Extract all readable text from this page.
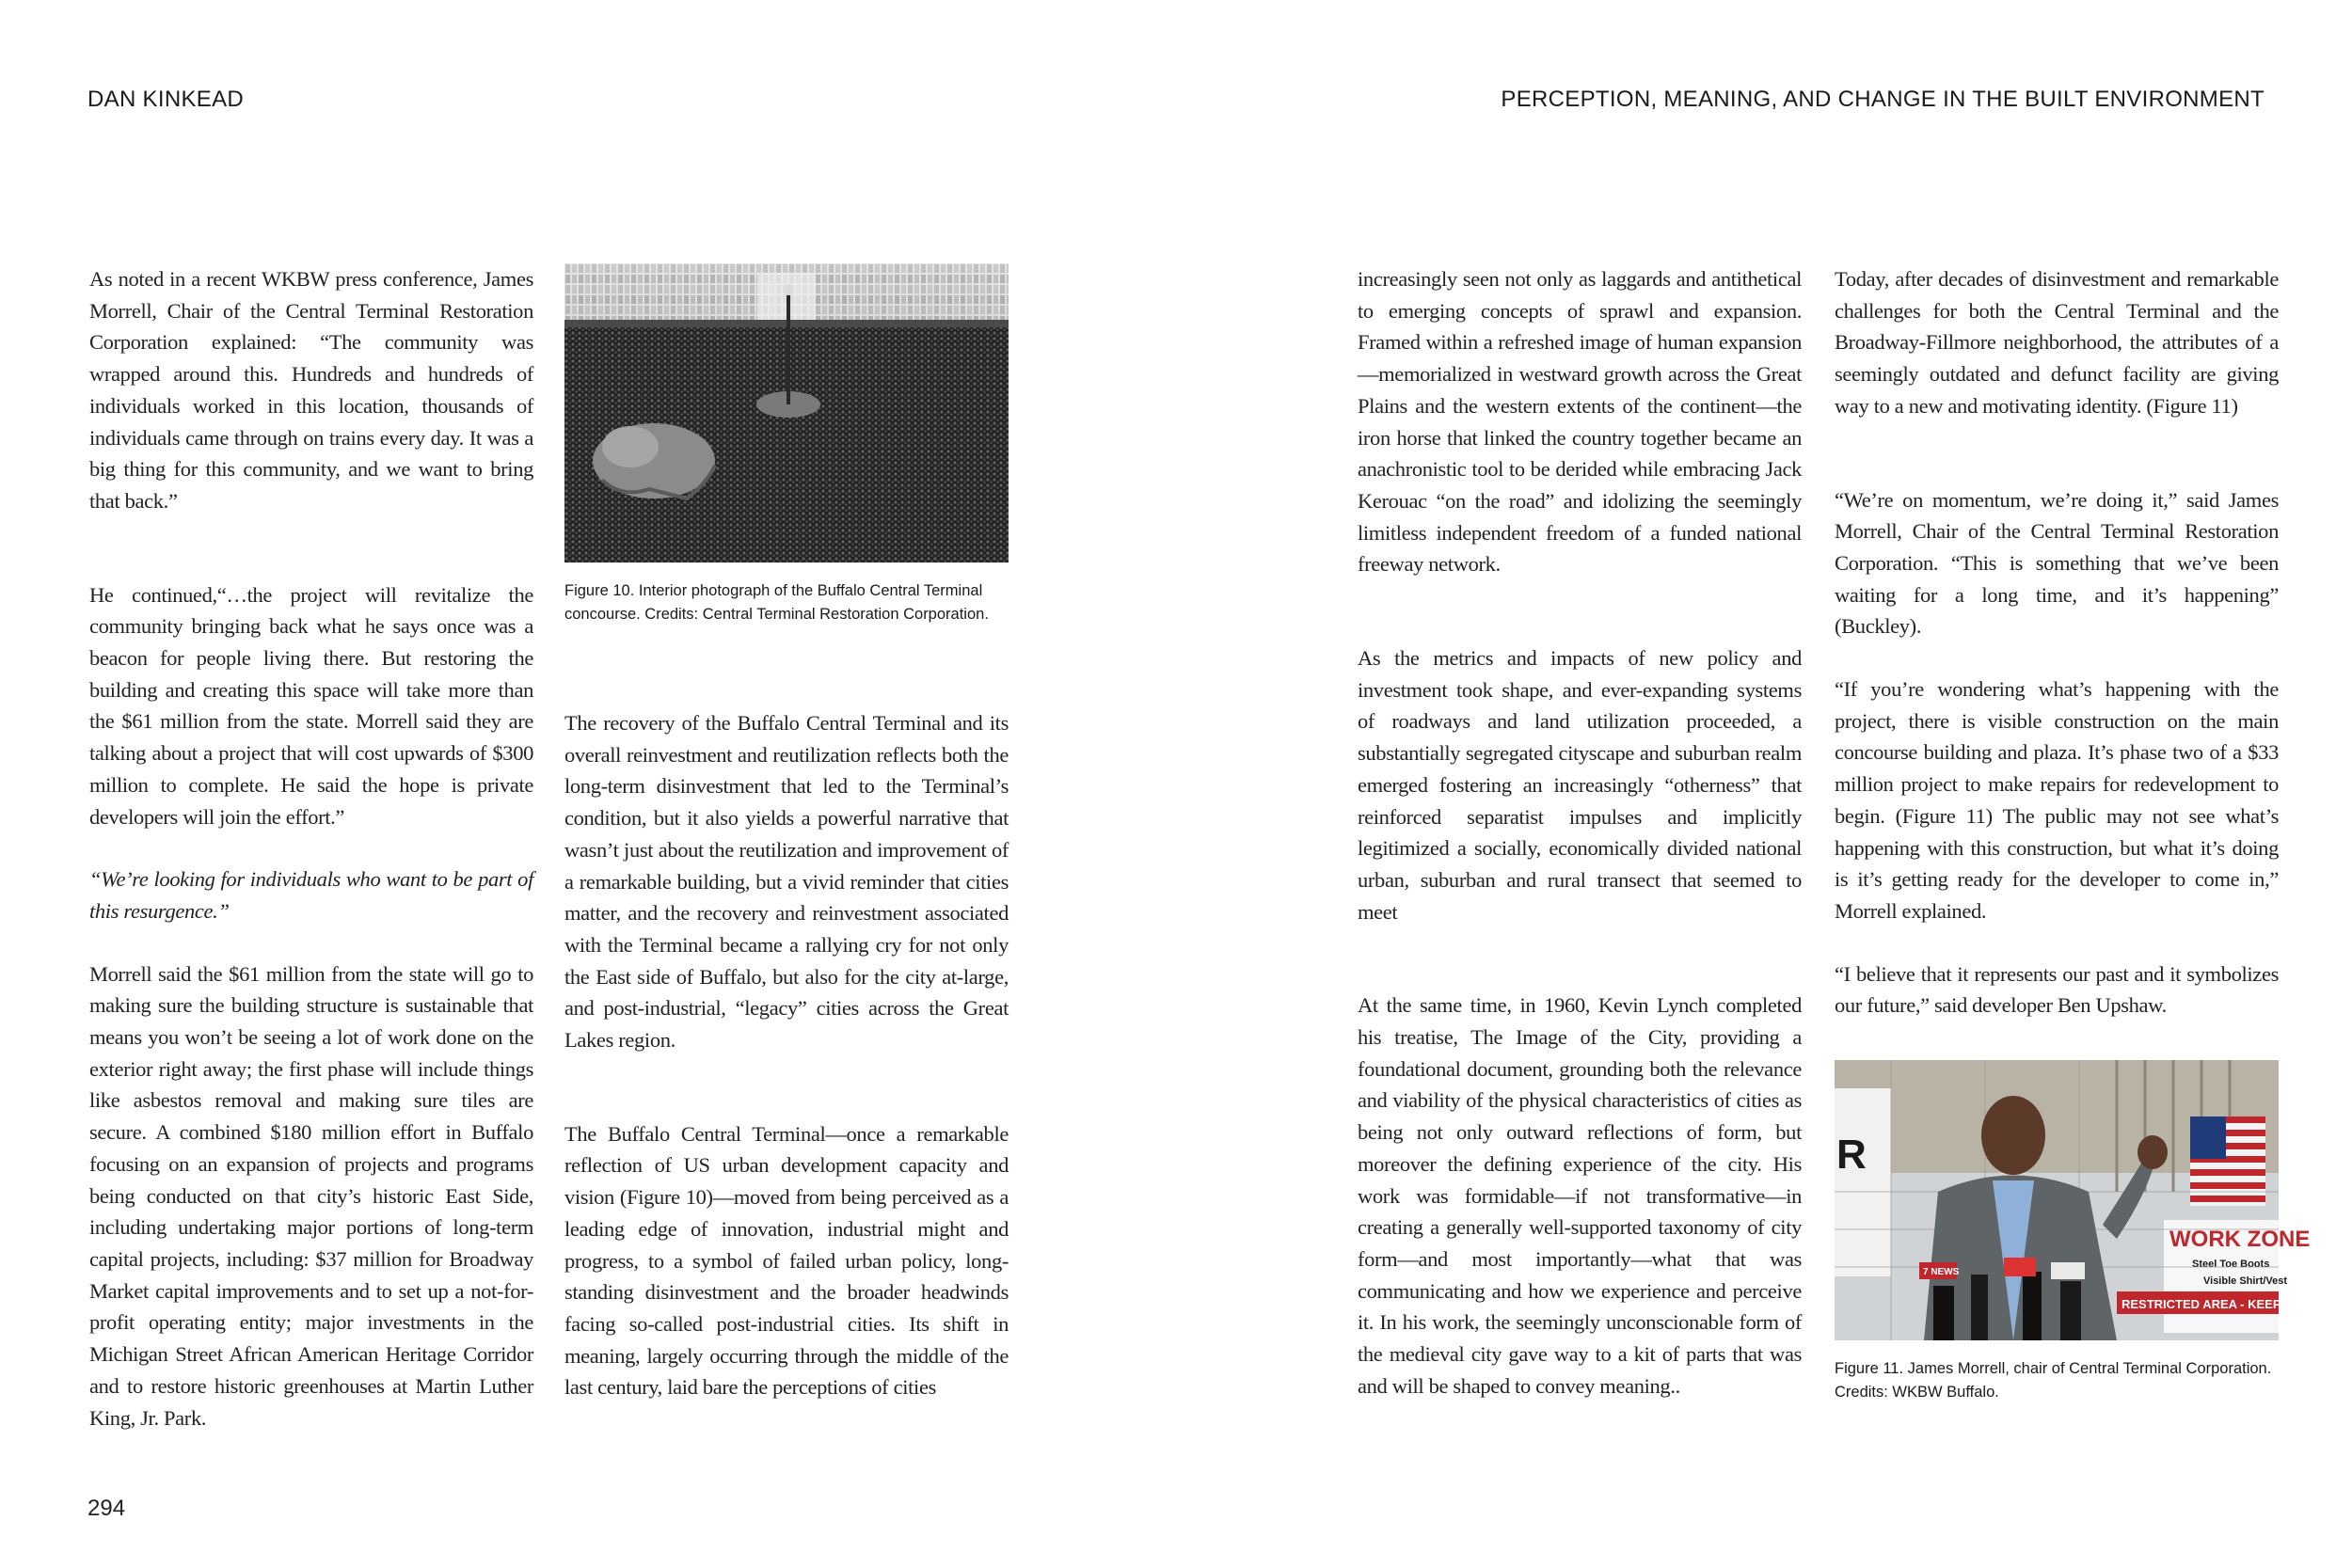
DAN KINKEAD	PERCEPTION, MEANING, AND CHANGE IN THE BUILT ENVIRONMENT

As noted in a recent WKBW press conference, James Morrell, Chair of the Central Terminal Restoration Corporation explained: “The community was wrapped around this. Hundreds and hundreds of individuals worked in this location, thousands of individuals came through on trains every day. It was a big thing for this community, and we want to bring that back.”

He continued,“…the project will revitalize the community bringing back what he says once was a beacon for people living there. But restoring the building and creating this space will take more than the $61 million from the state. Morrell said they are talking about a project that will cost upwards of $300 million to complete. He said the hope is private developers will join the effort.”

“We’re looking for individuals who want to be part of this resurgence.”

Morrell said the $61 million from the state will go to making sure the building structure is sustainable that means you won’t be seeing a lot of work done on the exterior right away; the first phase will include things like asbestos removal and making sure tiles are secure. A combined $180 million effort in Buffalo focusing on an expansion of projects and programs being conducted on that city’s historic East Side, including undertaking major portions of long-term capital projects, including: $37 million for Broadway Market capital improvements and to set up a not-for-profit operating entity; major investments in the Michigan Street African American Heritage Corridor and to restore historic greenhouses at Martin Luther King, Jr. Park.

Figure 10. Interior photograph of the Buffalo Central Terminal concourse. Credits: Central Terminal Restoration Corporation.

The recovery of the Buffalo Central Terminal and its overall reinvestment and reutilization reflects both the long-term disinvestment that led to the Terminal’s condition, but it also yields a powerful narrative that wasn’t just about the reutilization and improvement of a remarkable building, but a vivid reminder that cities matter, and the recovery and reinvestment associated with the Terminal became a rallying cry for not only the East side of Buffalo, but also for the city at-large, and post-industrial, “legacy” cities across the Great Lakes region.

The Buffalo Central Terminal—once a remarkable reflection of US urban development capacity and vision (Figure 10)—moved from being perceived as a leading edge of innovation, industrial might and progress, to a symbol of failed urban policy, long-standing disinvestment and the broader headwinds facing so-called post-industrial cities. Its shift in meaning, largely occurring through the middle of the last century, laid bare the perceptions of cities

increasingly seen not only as laggards and antithetical to emerging concepts of sprawl and expansion. Framed within a refreshed image of human expansion—memorialized in westward growth across the Great Plains and the western extents of the continent—the iron horse that linked the country together became an anachronistic tool to be derided while embracing Jack Kerouac “on the road” and idolizing the seemingly limitless independent freedom of a funded national freeway network.

As the metrics and impacts of new policy and investment took shape, and ever-expanding systems of roadways and land utilization proceeded, a substantially segregated cityscape and suburban realm emerged fostering an increasingly “otherness” that reinforced separatist impulses and implicitly legitimized a socially, economically divided national urban, suburban and rural transect that seemed to meet

At the same time, in 1960, Kevin Lynch completed his treatise, The Image of the City, providing a foundational document, grounding both the relevance and viability of the physical characteristics of cities as being not only outward reflections of form, but moreover the defining experience of the city. His work was formidable—if not transformative—in creating a generally well-supported taxonomy of city form—and most importantly—what that was communicating and how we experience and perceive it. In his work, the seemingly unconscionable form of the medieval city gave way to a kit of parts that was and will be shaped to convey meaning..

Today, after decades of disinvestment and remarkable challenges for both the Central Terminal and the Broadway-Fillmore neighborhood, the attributes of a seemingly outdated and defunct facility are giving way to a new and motivating identity. (Figure 11)

“We’re on momentum, we’re doing it,” said James Morrell, Chair of the Central Terminal Restoration Corporation. “This is something that we’ve been waiting for a long time, and it’s happening” (Buckley).

“If you’re wondering what’s happening with the project, there is visible construction on the main concourse building and plaza. It’s phase two of a $33 million project to make repairs for redevelopment to begin. (Figure 11) The public may not see what’s happening with this construction, but what it’s doing is it’s getting ready for the developer to come in,” Morrell explained.

“I believe that it represents our past and it symbolizes our future,” said developer Ben Upshaw.

R
WORK ZONE
Steel Toe Boots
Visible Shirt/Vest
RESTRICTED AREA - KEEP OUT
7 NEWS
Figure 11. James Morrell, chair of Central Terminal Corporation. Credits: WKBW Buffalo.
294
